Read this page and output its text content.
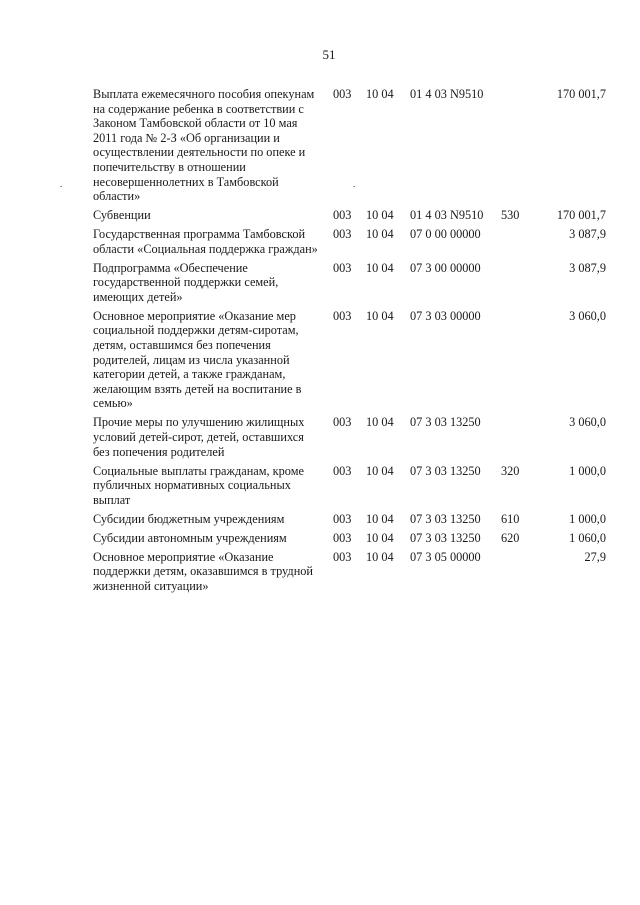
51
.	.
Выплата ежемесячного пособия опекунам на содержание ребенка в соответствии с Законом Тамбовской области от 10 мая 2011 года № 2-З «Об организации и осуществлении деятельности по опеке и попечительству в отношении несовершеннолетних в Тамбовской области»
003 10 04 01 4 03 N9510	170 001,7
Субвенции	003 10 04 01 4 03 N9510 530	170 001,7
Государственная программа Тамбовской области «Социальная поддержка граждан»
003 10 04 07 0 00 00000	3 087,9
Подпрограмма «Обеспечение государственной поддержки семей, имеющих детей»
003 10 04 07 3 00 00000	3 087,9
Основное мероприятие «Оказание мер социальной поддержки детям-сиротам, детям, оставшимся без попечения родителей, лицам из числа указанной категории детей, а также гражданам, желающим взять детей на воспитание в семью»
003 10 04 07 3 03 00000	3 060,0
Прочие меры по улучшению жилищных условий детей-сирот, детей, оставшихся без попечения родителей
003 10 04 07 3 03 13250	3 060,0
Социальные выплаты гражданам, кроме публичных нормативных социальных выплат
003 10 04 07 3 03 13250 320	1 000,0
Субсидии бюджетным учреждениям	003 10 04 07 3 03 13250 610	1 000,0
Субсидии автономным учреждениям	003 10 04 07 3 03 13250 620	1 060,0
Основное мероприятие «Оказание поддержки детям, оказавшимся в трудной жизненной ситуации»
003 10 04 07 3 05 00000	27,9
